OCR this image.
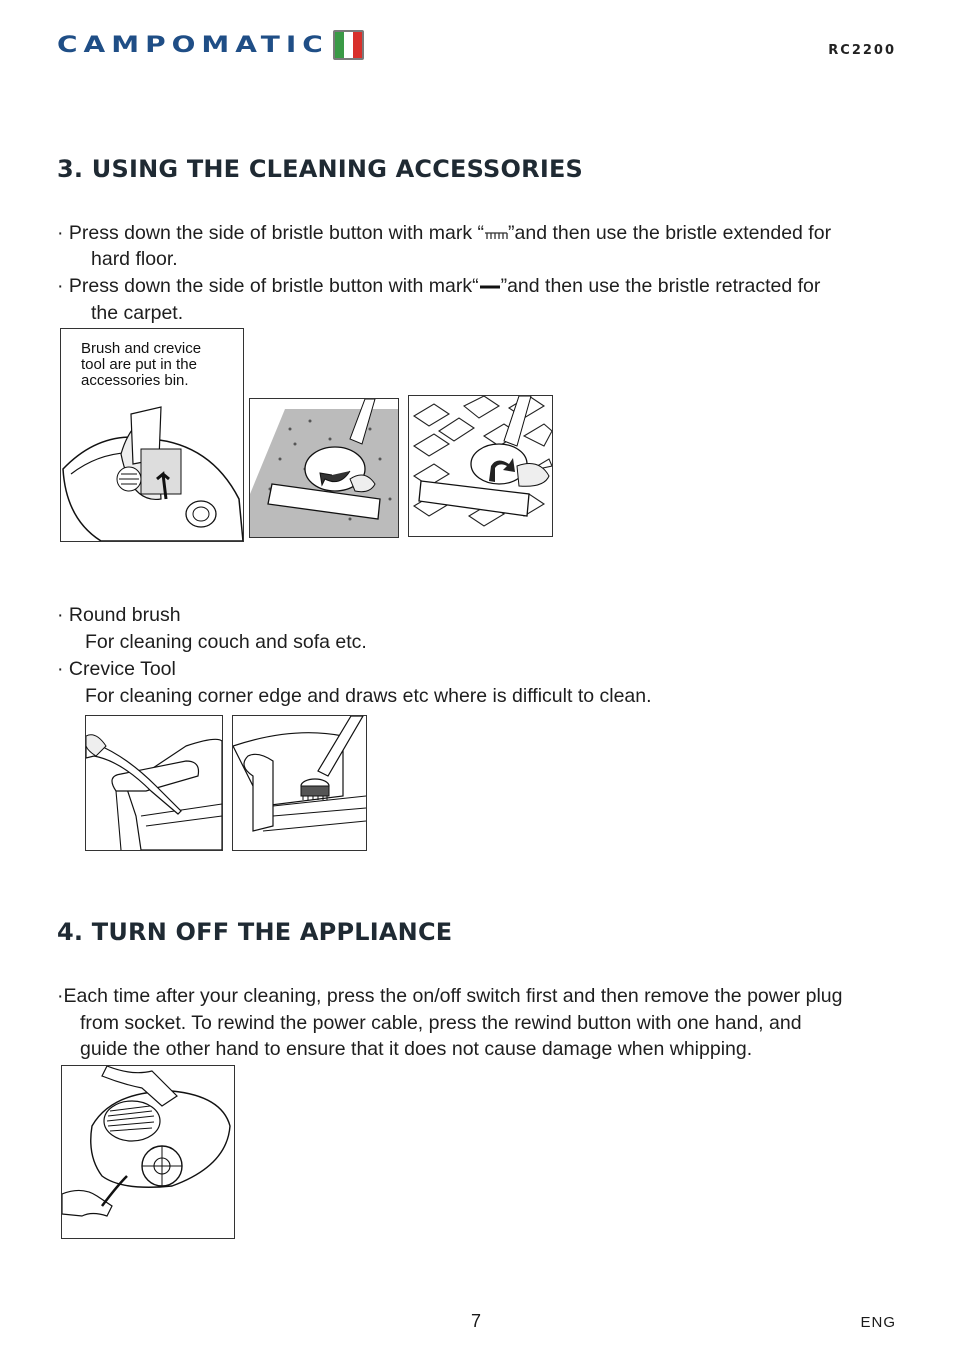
CAMPOMATIC	RC2200
3. USING THE CLEANING ACCESSORIES

· Press down the side of bristle button with mark “ ”and then use the bristle extended for

hard floor.

· Press down the side of bristle button with mark“ ”and then use the bristle retracted for

the carpet.

Brush and crevice
tool are put in the
accessories bin.

· Round brush

For cleaning couch and sofa etc.

· Crevice Tool

For cleaning corner edge and draws etc where is difficult to clean.

4. TURN OFF THE APPLIANCE

·Each time after your cleaning, press the on/off switch first and then remove the power plug

from socket. To rewind the power cable, press the rewind button with one hand, and

guide the other hand to ensure that it does not cause damage when whipping.

7	ENG
